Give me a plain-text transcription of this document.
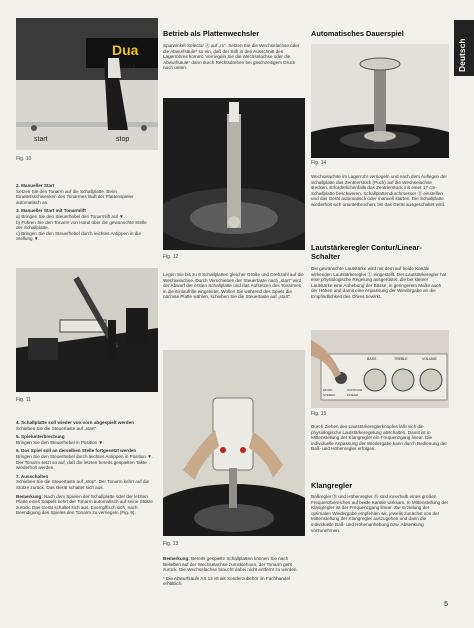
Deutsch
Dua
1 2 1 8
start	stop
Fig. 10

2. Manueller Start
Setzen Sie den Tonarm auf die Schallplatte. Beim Einwärtsschwenken des Tonarmes läuft der Plattenspieler automatisch an.

3. Manueller Start mit Tonarmlift
a) Bringen Sie den Steuerhebel den Tonarmlift auf ▼.
b) Führen Sie den Tonarm von Hand über die gewünschte Stelle der Schallplatte.
c) Bringen Sie den Steuerhebel durch leichtes Antippen in die Stellung ▼.

Fig. 11

4. Schallplatte soll wieder von vorn abgespielt werden
Schieben Sie die Steuertaste auf „start".

5. Spielunterbrechung
Bringen Sie den Steuerhebel in Position ▼.

6. Das Spiel soll an derselben Stelle fortgesetzt werden
Bringen Sie den Steuerhebel durch leichtes Antippen in Position ▼. Der Tonarm setzt so auf, daß die letzten bereits gespielten Takte wiederholt werden.

7. Ausschalten
Schieben Sie die Steuertaste auf „stop". Der Tonarm kehrt auf die Stütze zurück. Das Gerät schaltet sich aus.

Bemerkung: Nach dem Spielen der Schallplatte oder der letzten Platte eines Stapels kehrt der Tonarm automatisch auf seine Stütze zurück. Das Gerät schaltet sich aus. Exemplfisch sich, nach Beendigung des Spieles den Tonarm zu verriegeln (Fig. 9).

Betrieb als Plattenwechsler
Spurwinkel-Selector Ⓐ auf „m". Setzen Sie die Wechselachse oder die Abwurfsäule* so ein, daß der Stift in den Ausschnitt des Lagerrohres kommt. Verriegeln Sie die Wechselachse oder die Abwurfsäule* dann durch Rechtsdrehen bei gleichzeitigem Druck nach unten.
Fig. 12
Legen Sie bis zu 6 Schallplatten gleicher Größe und Drehzahl auf die Wechselachse. Durch Verschieben der Steuertaste nach „start" wird der Abwurf der ersten Schallplatte und das Aufsetzen des Tonarmes in die Einlaufrille eingeleitet. Wollen Sie während des Spiels die nächste Platte wählen, schieben Sie die Steuertaste auf „start".
Fig. 13

Bemerkung: Bereits gespielte Schallplatten können Sie nach Belieben auf der Wechselachse zurücklehnen, der Tonarm geht zurück. Die Wechselachse braucht dabei nicht entfernt zu werden.

* Die Abwurfsäule AS 12 ist als Sonderzubehör im Fachhandel erhältlich.

Automatisches Dauerspiel
Fig. 14
Wechselachse im Lagerrohr verriegeln und nach dem Auflegen der Schallplatte das Zentrierstück (Puck) auf die Wechselachse stecken. Erforderlichenfalls das Zentrierstück mit einer 17 cm-Schallplatte beschweren. Schallplattendurchmesser Ⓓ einstellen und das Gerät automatisch oder manuell starten. Die Schallplatte wiederholt sich ununterbrochen, bis das Gerät ausgeschaltet wird.
Lautstärkeregler Contur/Linear-Schalter
Die gewünschte Lautstärke wird mit dem auf beide Kanäle wirkenden Lautstärkeregler Ⓛ eingestellt. Der Lautstärkeregler hat eine physiologische Regelung ausgerüstet, die bei kleiner Lautstärke eine Anhebung der Bässe, in geringerem Maße auch der Höhen und damit eine Anpassung der Wiedergabe an die Empfindlichkeit des Ohres bewirkt.
BASS	TREBLE	VOLUME
MONO
STEREO
CONTOUR
LINEAR
Fig. 15
Durch Ziehen des Lautstärkereglerknopfes läßt sich die physiologische Lautstärkeregelung abschalten. Damit ist in Mittenstellung der Klangregler ein Frequenzgang linear. Die individuelle Anpassung der Wiedergabe kann durch Bedienung der Baß- und Höhenregler erfolgen.
Klangregler
Baßregler Ⓑ und Höhenregler Ⓗ sind innerhalb eines großen Frequenzbereiches auf beide Kanäle wirksam. In Mittenstellung der Klangregler ist der Frequenzgang linear. Zur Erzielung der optimalen Wiedergabe empfehlen wir, jeweils zunächst von der Mittenstellung der Klangregler auszugehen und dann die individuelle Baß- und Höhenanhebung bzw. Absenkung vorzunehmen.
5
